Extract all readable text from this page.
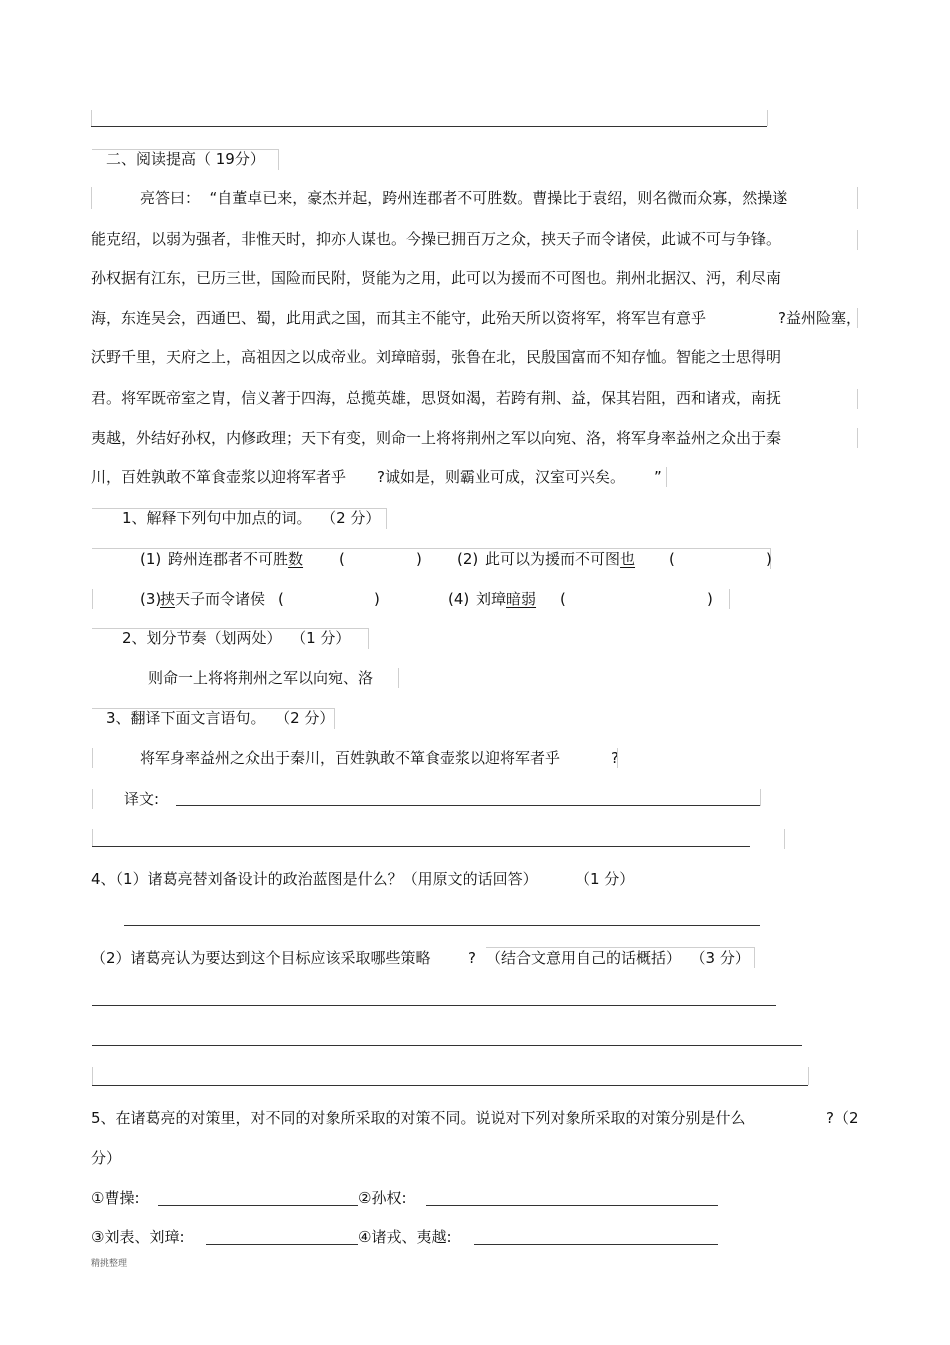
二、阅读提高（ 19分）
亮答曰：  “自董卓已来，豪杰并起，跨州连郡者不可胜数。曹操比于袁绍，则名微而众寡，然操遂
能克绍，以弱为强者，非惟天时，抑亦人谋也。今操已拥百万之众，挟天子而令诸侯，此诚不可与争锋。
孙权据有江东，已历三世，国险而民附，贤能为之用，此可以为援而不可图也。荆州北据汉、沔，利尽南
海，东连吴会，西通巴、蜀，此用武之国，而其主不能守，此殆天所以资将军，将军岂有意乎	?益州险塞，
沃野千里，天府之上，高祖因之以成帝业。刘璋暗弱，张鲁在北，民殷国富而不知存恤。智能之士思得明
君。将军既帝室之胄，信义著于四海，总揽英雄，思贤如渴，若跨有荆、益，保其岩阻，西和诸戎，南抚
夷越，外结好孙权，内修政理；天下有变，则命一上将将荆州之军以向宛、洛，将军身率益州之众出于秦
川，百姓孰敢不箪食壶浆以迎将军者乎 ?诚如是，则霸业可成，汉室可兴矣。 ”
1、解释下列句中加点的词。  （2 分）
(1) 跨州连郡者不可胜数 (	) (2) 此可以为援而不可图也 (	)
(3)
挟天子而令诸侯 (	)	(4) 刘璋暗弱 (	)
2、划分节奏（划两处）  （1 分）
则命一上将将荆州之军以向宛、洛
3、翻译下面文言语句。  （2 分）
将军身率益州之众出于秦川，百姓孰敢不箪食壶浆以迎将军者乎	?
译文:
4、（1）诸葛亮替刘备设计的政治蓝图是什么？（用原文的话回答） （1 分）
（2）诸葛亮认为要达到这个目标应该采取哪些策略 ? （结合文意用自己的话概括）  （3 分）
5、在诸葛亮的对策里，对不同的对象所采取的对策不同。说说对下列对象所采取的对策分别是什么	?（2
分）
①曹操:	②孙权:
③刘表、刘璋:	④诸戎、夷越:
精挑整理
